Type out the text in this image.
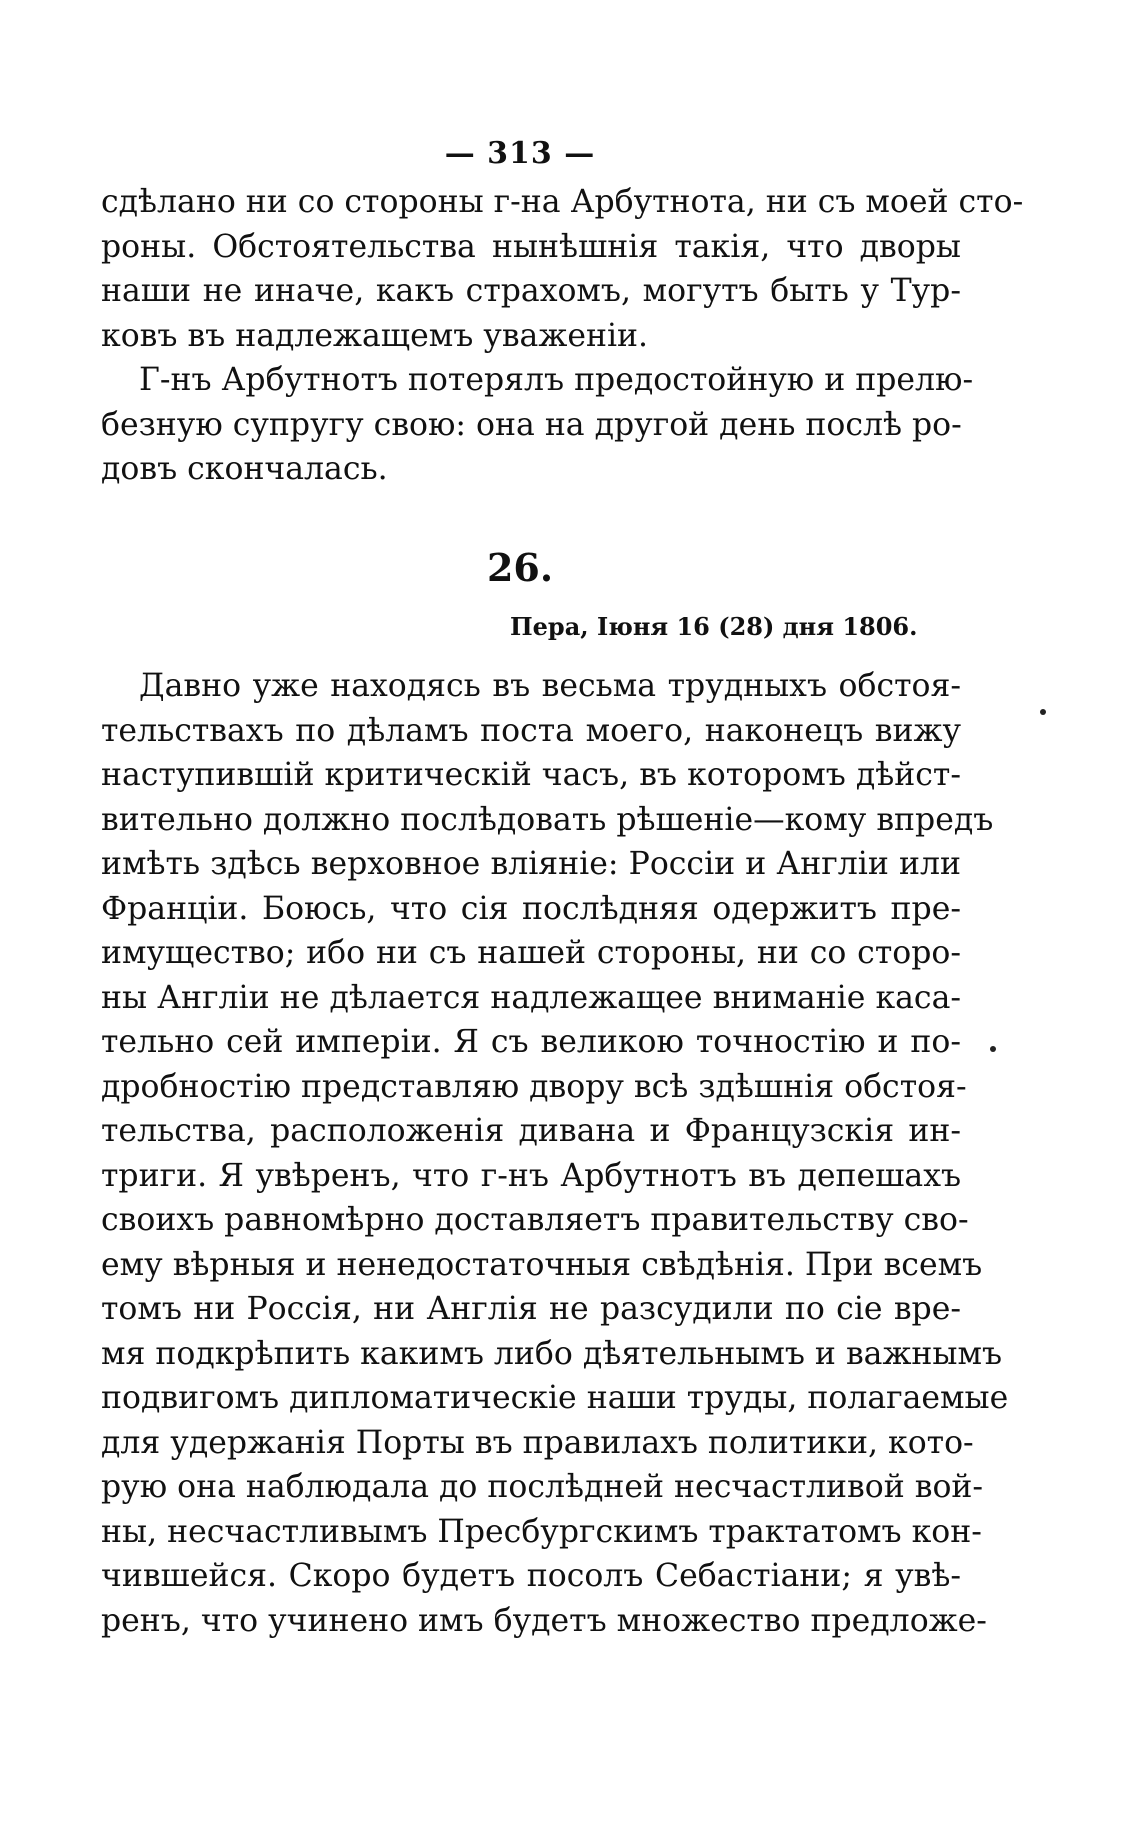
— 313 —
сдѣлано ни со стороны г-на Арбутнота, ни съ моей сто-
роны. Обстоятельства нынѣшнія такія, что дворы
наши не иначе, какъ страхомъ, могутъ быть у Тур-
ковъ въ надлежащемъ уваженіи.
Г-нъ Арбутнотъ потерялъ предостойную и прелю-
безную супругу свою: она на другой день послѣ ро-
довъ скончалась.
26.
Пера, Іюня 16 (28) дня 1806.
Давно уже находясь въ весьма трудныхъ обстоя-
тельствахъ по дѣламъ поста моего, наконецъ вижу
наступившій критическій часъ, въ которомъ дѣйст-
вительно должно послѣдовать рѣшеніе—кому впредъ
имѣть здѣсь верховное вліяніе: Россіи и Англіи или
Франціи. Боюсь, что сія послѣдняя одержитъ пре-
имущество; ибо ни съ нашей стороны, ни со сторо-
ны Англіи не дѣлается надлежащее вниманіе каса-
тельно сей имперіи. Я съ великою точностію и по-
дробностію представляю двору всѣ здѣшнія обстоя-
тельства, расположенія дивана и Французскія ин-
триги. Я увѣренъ, что г-нъ Арбутнотъ въ депешахъ
своихъ равномѣрно доставляетъ правительству сво-
ему вѣрныя и ненедостаточныя свѣдѣнія. При всемъ
томъ ни Россія, ни Англія не разсудили по сіе вре-
мя подкрѣпить какимъ либо дѣятельнымъ и важнымъ
подвигомъ дипломатическіе наши труды, полагаемые
для удержанія Порты въ правилахъ политики, кото-
рую она наблюдала до послѣдней несчастливой вой-
ны, несчастливымъ Пресбургскимъ трактатомъ кон-
чившейся. Скоро будетъ посолъ Себастіани; я увѣ-
ренъ, что учинено имъ будетъ множество предложе-
